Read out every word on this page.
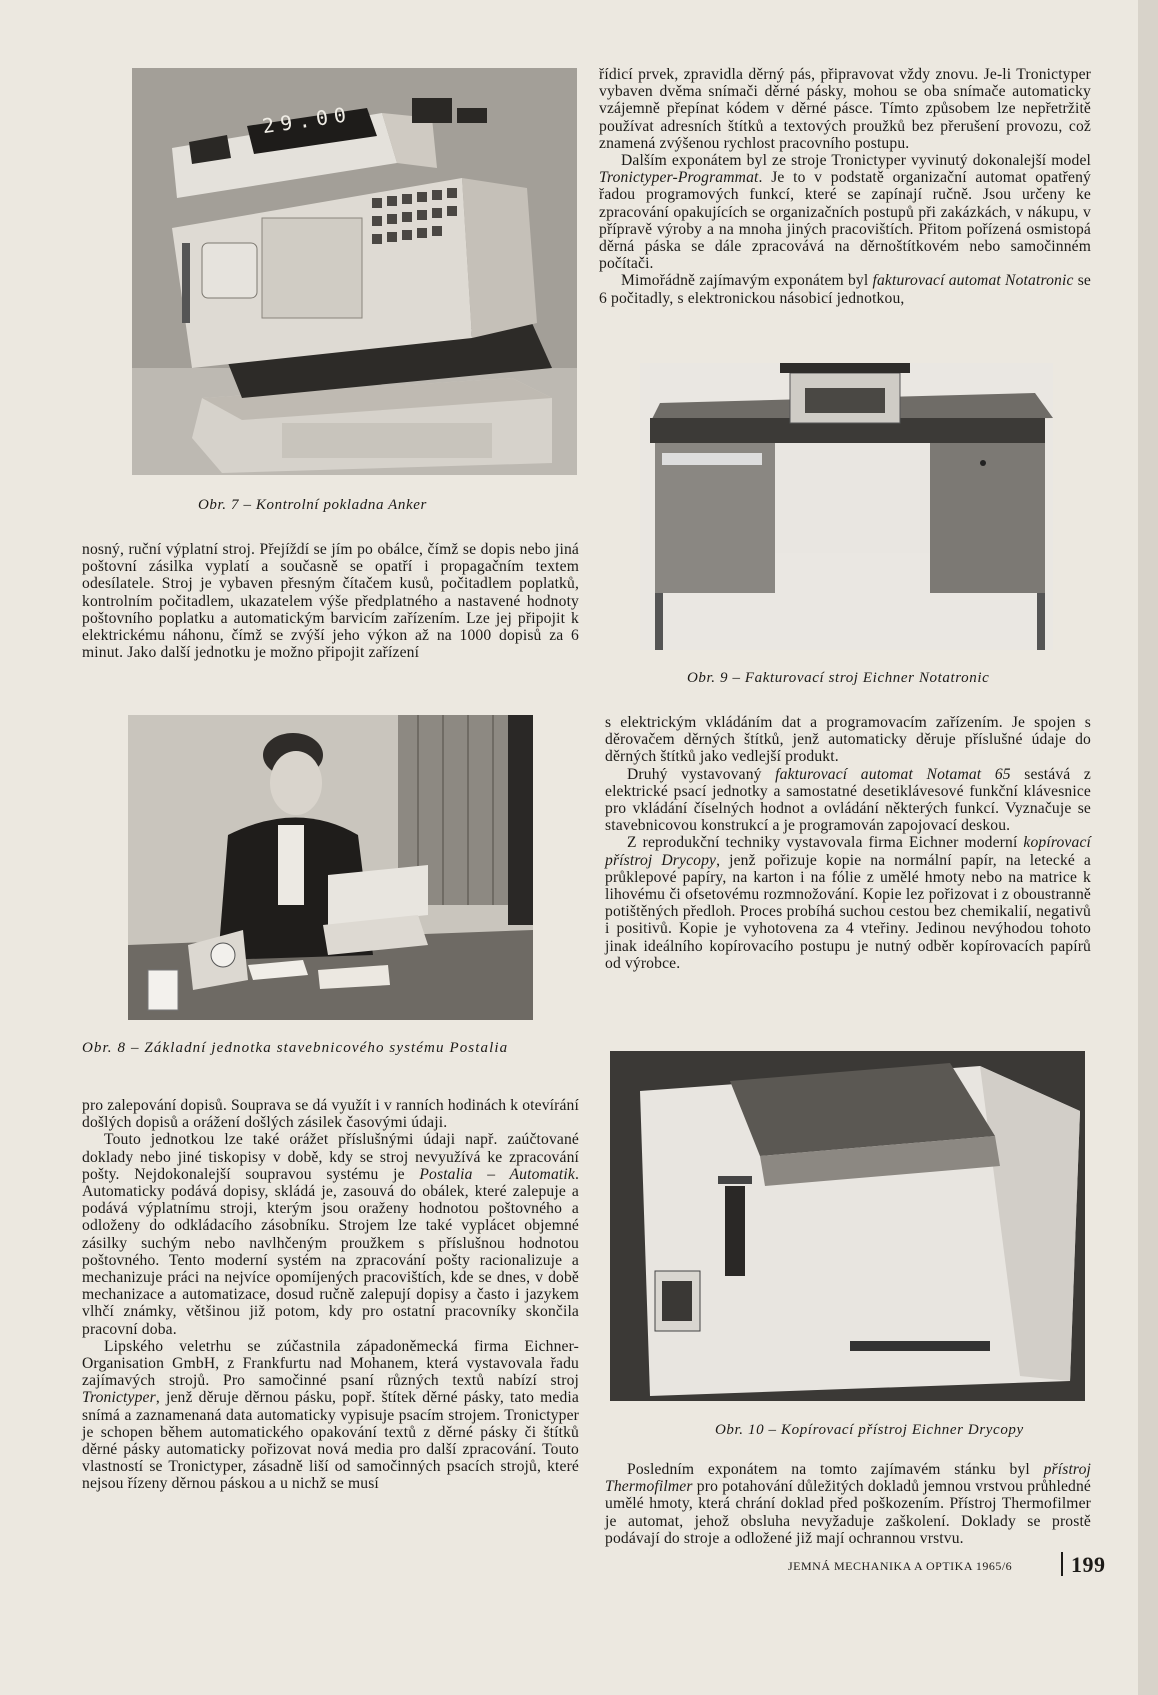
29.00
Obr. 7 – Kontrolní pokladna Anker

nosný, ruční výplatní stroj. Přejíždí se jím po obálce, čímž se dopis nebo jiná poštovní zásilka vyplatí a současně se opatří i propagačním textem odesílatele. Stroj je vybaven přesným čítačem kusů, počitadlem poplatků, kontrolním počitadlem, ukazatelem výše předplatného a nastavené hodnoty poštovního poplatku a automatickým barvicím zařízením. Lze jej připojit k elektrickému náhonu, čímž se zvýší jeho výkon až na 1000 dopisů za 6 minut. Jako další jednotku je možno připojit zařízení

Obr. 8 – Základní jednotka stavebnicového systému Postalia

pro zalepování dopisů. Souprava se dá využít i v ranních hodinách k otevírání došlých dopisů a orážení došlých zásilek časovými údaji.

Touto jednotkou lze také orážet příslušnými údaji např. zaúčtované doklady nebo jiné tiskopisy v době, kdy se stroj nevyužívá ke zpracování pošty. Nejdokonalejší soupravou systému je Postalia – Automatik. Automaticky podává dopisy, skládá je, zasouvá do obálek, které zalepuje a podává výplatnímu stroji, kterým jsou oraženy hodnotou poštovného a odloženy do odkládacího zásobníku. Strojem lze také vyplácet objemné zásilky suchým nebo navlhčeným proužkem s příslušnou hodnotou poštovného. Tento moderní systém na zpracování pošty racionalizuje a mechanizuje práci na nejvíce opomíjených pracovištích, kde se dnes, v době mechanizace a automatizace, dosud ručně zalepují dopisy a často i jazykem vlhčí známky, většinou již potom, kdy pro ostatní pracovníky skončila pracovní doba.

Lipského veletrhu se zúčastnila západoněmecká firma Eichner-Organisation GmbH, z Frankfurtu nad Mohanem, která vystavovala řadu zajímavých strojů. Pro samočinné psaní různých textů nabízí stroj Tronictyper, jenž děruje děrnou pásku, popř. štítek děrné pásky, tato media snímá a zaznamenaná data automaticky vypisuje psacím strojem. Tronictyper je schopen během automatického opakování textů z děrné pásky či štítků děrné pásky automaticky pořizovat nová media pro další zpracování. Touto vlastností se Tronictyper, zásadně liší od samočinných psacích strojů, které nejsou řízeny děrnou páskou a u nichž se musí

řídicí prvek, zpravidla děrný pás, připravovat vždy znovu. Je-li Tronictyper vybaven dvěma snímači děrné pásky, mohou se oba snímače automaticky vzájemně přepínat kódem v děrné pásce. Tímto způsobem lze nepřetržitě používat adresních štítků a textových proužků bez přerušení provozu, což znamená zvýšenou rychlost pracovního postupu.

Dalším exponátem byl ze stroje Tronictyper vyvinutý dokonalejší model Tronictyper-Programmat. Je to v podstatě organizační automat opatřený řadou programových funkcí, které se zapínají ručně. Jsou určeny ke zpracování opakujících se organizačních postupů při zakázkách, v nákupu, v přípravě výroby a na mnoha jiných pracovištích. Přitom pořízená osmistopá děrná páska se dále zpracovává na děrnoštítkovém nebo samočinném počítači.

Mimořádně zajímavým exponátem byl fakturovací automat Notatronic se 6 počitadly, s elektronickou násobicí jednotkou,

Obr. 9 – Fakturovací stroj Eichner Notatronic

s elektrickým vkládáním dat a programovacím zařízením. Je spojen s děrovačem děrných štítků, jenž automaticky děruje příslušné údaje do děrných štítků jako vedlejší produkt.

Druhý vystavovaný fakturovací automat Notamat 65 sestává z elektrické psací jednotky a samostatné desetiklávesové funkční klávesnice pro vkládání číselných hodnot a ovládání některých funkcí. Vyznačuje se stavebnicovou konstrukcí a je programován zapojovací deskou.

Z reprodukční techniky vystavovala firma Eichner moderní kopírovací přístroj Drycopy, jenž pořizuje kopie na normální papír, na letecké a průklepové papíry, na karton i na fólie z umělé hmoty nebo na matrice k lihovému či ofsetovému rozmnožování. Kopie lez pořizovat i z oboustranně potištěných předloh. Proces probíhá suchou cestou bez chemikalií, negativů i positivů. Kopie je vyhotovena za 4 vteřiny. Jedinou nevýhodou tohoto jinak ideálního kopírovacího postupu je nutný odběr kopírovacích papírů od výrobce.

Obr. 10 – Kopírovací přístroj Eichner Drycopy

Posledním exponátem na tomto zajímavém stánku byl přístroj Thermofilmer pro potahování důležitých dokladů jemnou vrstvou průhledné umělé hmoty, která chrání doklad před poškozením. Přístroj Thermofilmer je automat, jehož obsluha nevyžaduje zaškolení. Doklady se prostě podávají do stroje a odložené již mají ochrannou vrstvu.

JEMNÁ MECHANIKA A OPTIKA 1965/6	199
